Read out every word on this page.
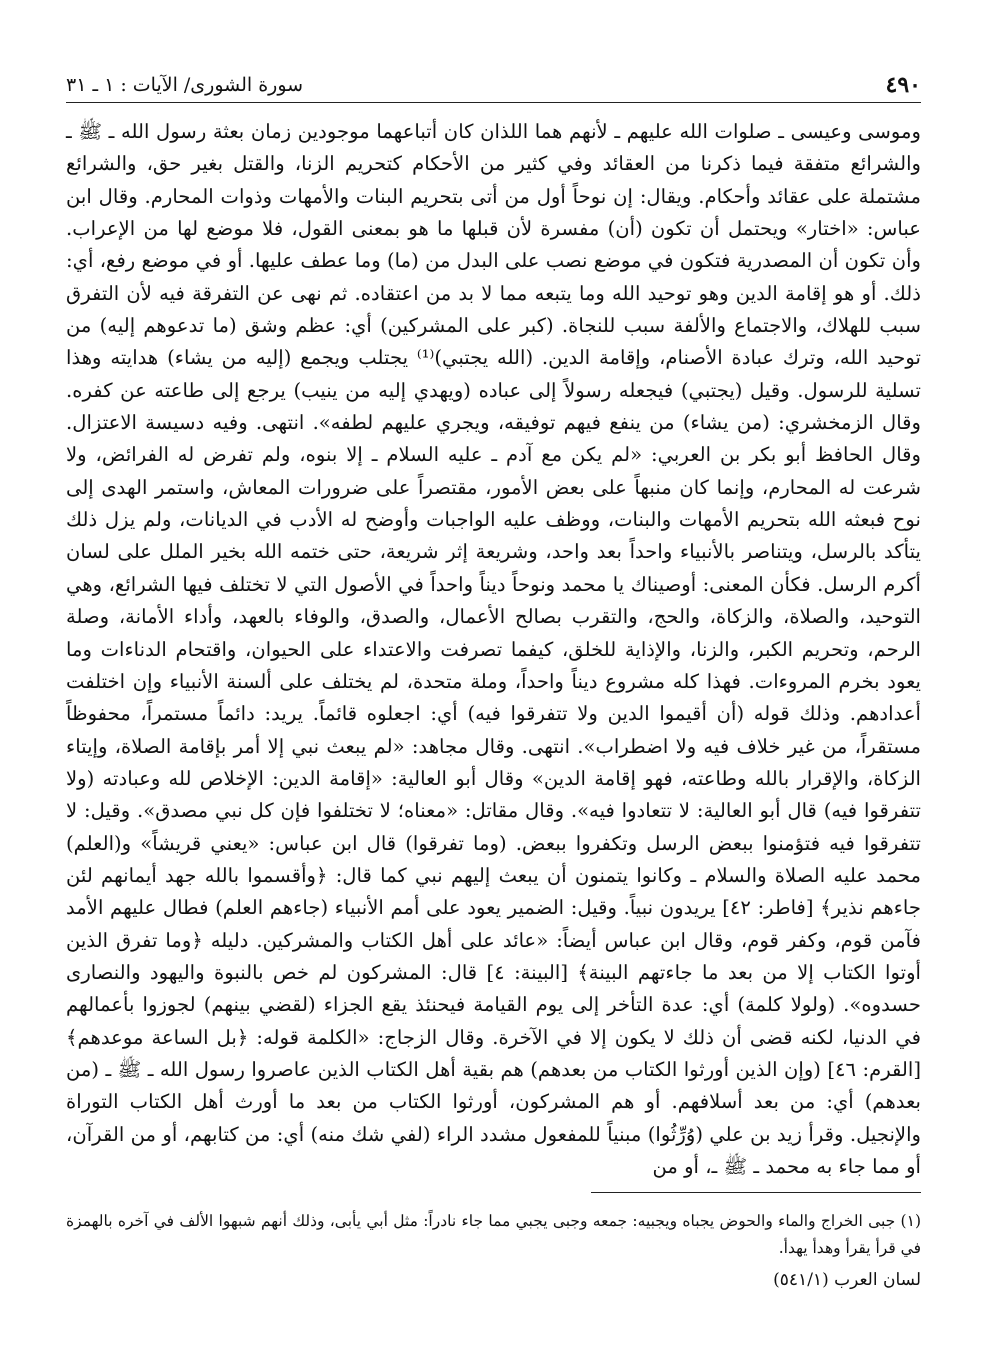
٤٩٠
سورة الشورى/ الآيات : ١ ـ ٣١

وموسى وعيسى ـ صلوات الله عليهم ـ لأنهم هما اللذان كان أتباعهما موجودين زمان بعثة رسول الله ـ ﷺ ـ والشرائع متفقة فيما ذكرنا من العقائد وفي كثير من الأحكام كتحريم الزنا، والقتل بغير حق، والشرائع مشتملة على عقائد وأحكام. ويقال: إن نوحاً أول من أتى بتحريم البنات والأمهات وذوات المحارم. وقال ابن عباس: «اختار» ويحتمل أن تكون (أن) مفسرة لأن قبلها ما هو بمعنى القول، فلا موضع لها من الإعراب. وأن تكون أن المصدرية فتكون في موضع نصب على البدل من (ما) وما عطف عليها. أو في موضع رفع، أي: ذلك. أو هو إقامة الدين وهو توحيد الله وما يتبعه مما لا بد من اعتقاده. ثم نهى عن التفرقة فيه لأن التفرق سبب للهلاك، والاجتماع والألفة سبب للنجاة. (كبر على المشركين) أي: عظم وشق (ما تدعوهم إليه) من توحيد الله، وترك عبادة الأصنام، وإقامة الدين. (الله يجتبي)⁽¹⁾ يجتلب ويجمع (إليه من يشاء) هدايته وهذا تسلية للرسول. وقيل (يجتبي) فيجعله رسولاً إلى عباده (ويهدي إليه من ينيب) يرجع إلى طاعته عن كفره. وقال الزمخشري: (من يشاء) من ينفع فيهم توفيقه، ويجري عليهم لطفه». انتهى. وفيه دسيسة الاعتزال. وقال الحافظ أبو بكر بن العربي: «لم يكن مع آدم ـ عليه السلام ـ إلا بنوه، ولم تفرض له الفرائض، ولا شرعت له المحارم، وإنما كان منبهاً على بعض الأمور، مقتصراً على ضرورات المعاش، واستمر الهدى إلى نوح فبعثه الله بتحريم الأمهات والبنات، ووظف عليه الواجبات وأوضح له الأدب في الديانات، ولم يزل ذلك يتأكد بالرسل، ويتناصر بالأنبياء واحداً بعد واحد، وشريعة إثر شريعة، حتى ختمه الله بخير الملل على لسان أكرم الرسل. فكأن المعنى: أوصيناك يا محمد ونوحاً ديناً واحداً في الأصول التي لا تختلف فيها الشرائع، وهي التوحيد، والصلاة، والزكاة، والحج، والتقرب بصالح الأعمال، والصدق، والوفاء بالعهد، وأداء الأمانة، وصلة الرحم، وتحريم الكبر، والزنا، والإذاية للخلق، كيفما تصرفت والاعتداء على الحيوان، واقتحام الدناءات وما يعود بخرم المروءات. فهذا كله مشروع ديناً واحداً، وملة متحدة، لم يختلف على ألسنة الأنبياء وإن اختلفت أعدادهم. وذلك قوله (أن أقيموا الدين ولا تتفرقوا فيه) أي: اجعلوه قائماً. يريد: دائماً مستمراً، محفوظاً مستقراً، من غير خلاف فيه ولا اضطراب». انتهى. وقال مجاهد: «لم يبعث نبي إلا أمر بإقامة الصلاة، وإيتاء الزكاة، والإقرار بالله وطاعته، فهو إقامة الدين» وقال أبو العالية: «إقامة الدين: الإخلاص لله وعبادته (ولا تتفرقوا فيه) قال أبو العالية: لا تتعادوا فيه». وقال مقاتل: «معناه؛ لا تختلفوا فإن كل نبي مصدق». وقيل: لا تتفرقوا فيه فتؤمنوا ببعض الرسل وتكفروا ببعض. (وما تفرقوا) قال ابن عباس: «يعني قريشاً» و(العلم) محمد عليه الصلاة والسلام ـ وكانوا يتمنون أن يبعث إليهم نبي كما قال: ﴿وأقسموا بالله جهد أيمانهم لئن جاءهم نذير﴾ [فاطر: ٤٢] يريدون نبياً. وقيل: الضمير يعود على أمم الأنبياء (جاءهم العلم) فطال عليهم الأمد فآمن قوم، وكفر قوم، وقال ابن عباس أيضاً: «عائد على أهل الكتاب والمشركين. دليله ﴿وما تفرق الذين أوتوا الكتاب إلا من بعد ما جاءتهم البينة﴾ [البينة: ٤] قال: المشركون لم خص بالنبوة واليهود والنصارى حسدوه». (ولولا كلمة) أي: عدة التأخر إلى يوم القيامة فيحنئذ يقع الجزاء (لقضي بينهم) لجوزوا بأعمالهم في الدنيا، لكنه قضى أن ذلك لا يكون إلا في الآخرة. وقال الزجاج: «الكلمة قوله: ﴿بل الساعة موعدهم﴾ [القرم: ٤٦] (وإن الذين أورثوا الكتاب من بعدهم) هم بقية أهل الكتاب الذين عاصروا رسول الله ـ ﷺ ـ (من بعدهم) أي: من بعد أسلافهم. أو هم المشركون، أورثوا الكتاب من بعد ما أورث أهل الكتاب التوراة والإنجيل. وقرأ زيد بن علي (وُرِّثُوا) مبنياً للمفعول مشدد الراء (لفي شك منه) أي: من كتابهم، أو من القرآن، أو مما جاء به محمد ـ ﷺ ـ، أو من

(١) جبى الخراج والماء والحوض يجباه ويجبيه: جمعه وجبى يجبي مما جاء نادراً: مثل أبي يأبى، وذلك أنهم شبهوا الألف في آخره بالهمزة في قرأ يقرأ وهدأ يهدأ.

لسان العرب (٥٤١/١)
